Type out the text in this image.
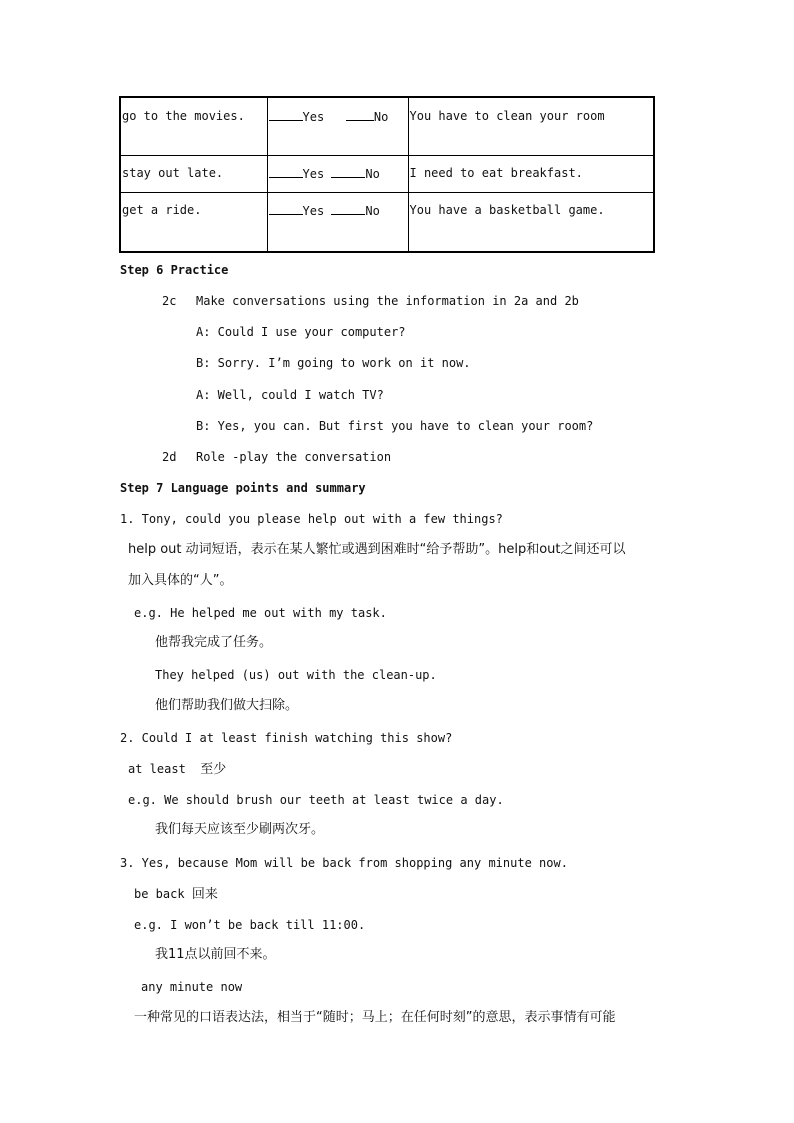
go to the movies.	Yes No	You have to clean your room
stay out late.	Yes No	I need to eat breakfast.
get a ride.	Yes No	You have a basketball game.
Step 6 Practice
2c Make conversations using the information in 2a and 2b
A: Could I use your computer?
B: Sorry. I’m going to work on it now.
A: Well, could I watch TV?
B: Yes, you can. But first you have to clean your room?
2d Role -play the conversation
Step 7 Language points and summary
1. Tony, could you please help out with a few things?
help out 动词短语，表示在某人繁忙或遇到困难时“给予帮助”。help和out之间还可以
加入具体的“人”。
e.g. He helped me out with my task.
他帮我完成了任务。
They helped (us) out with the clean-up.
他们帮助我们做大扫除。
2. Could I at least finish watching this show?
at least 至少
e.g. We should brush our teeth at least twice a day.
我们每天应该至少刷两次牙。
3. Yes, because Mom will be back from shopping any minute now.
be back 回来
e.g. I won’t be back till 11:00.
我11点以前回不来。
any minute now
一种常见的口语表达法，相当于“随时；马上；在任何时刻”的意思，表示事情有可能
